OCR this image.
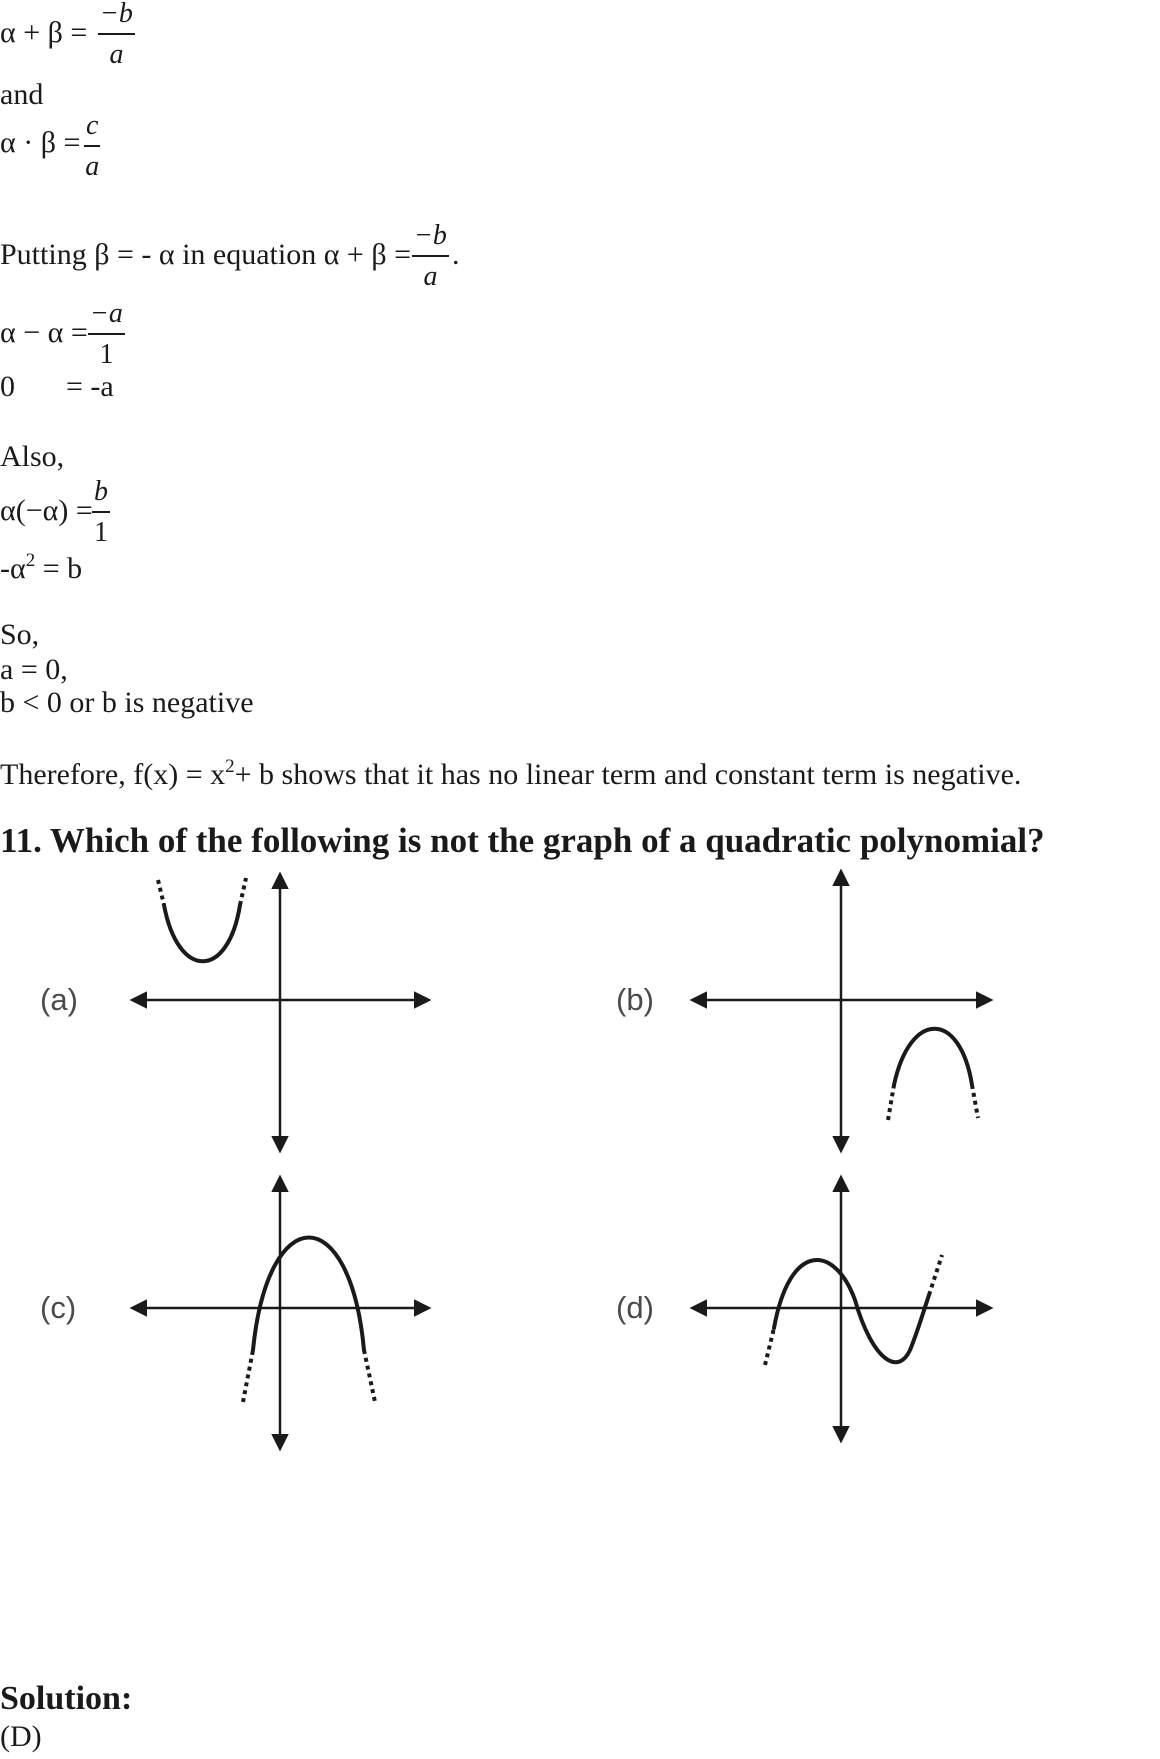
$\alpha + \beta = \frac{-b}{a}$
and
$\alpha \cdot \beta = \frac{c}{a}$
Putting β = - α in equation $\alpha + \beta = \frac{-b}{a}$ .
$\alpha - \alpha = \frac{-a}{1}$
0 = -a
Also,
$\alpha(-\alpha) = \frac{b}{1}$
$-\alpha^2 = b$
So,
a = 0,
b < 0 or b is negative
Therefore, $f(x) = x^2+ b$ shows that it has no linear term and constant term is negative.
11. Which of the following is not the graph of a quadratic polynomial?
(a)	(b)
(c)	(d)
Solution:
(D)
